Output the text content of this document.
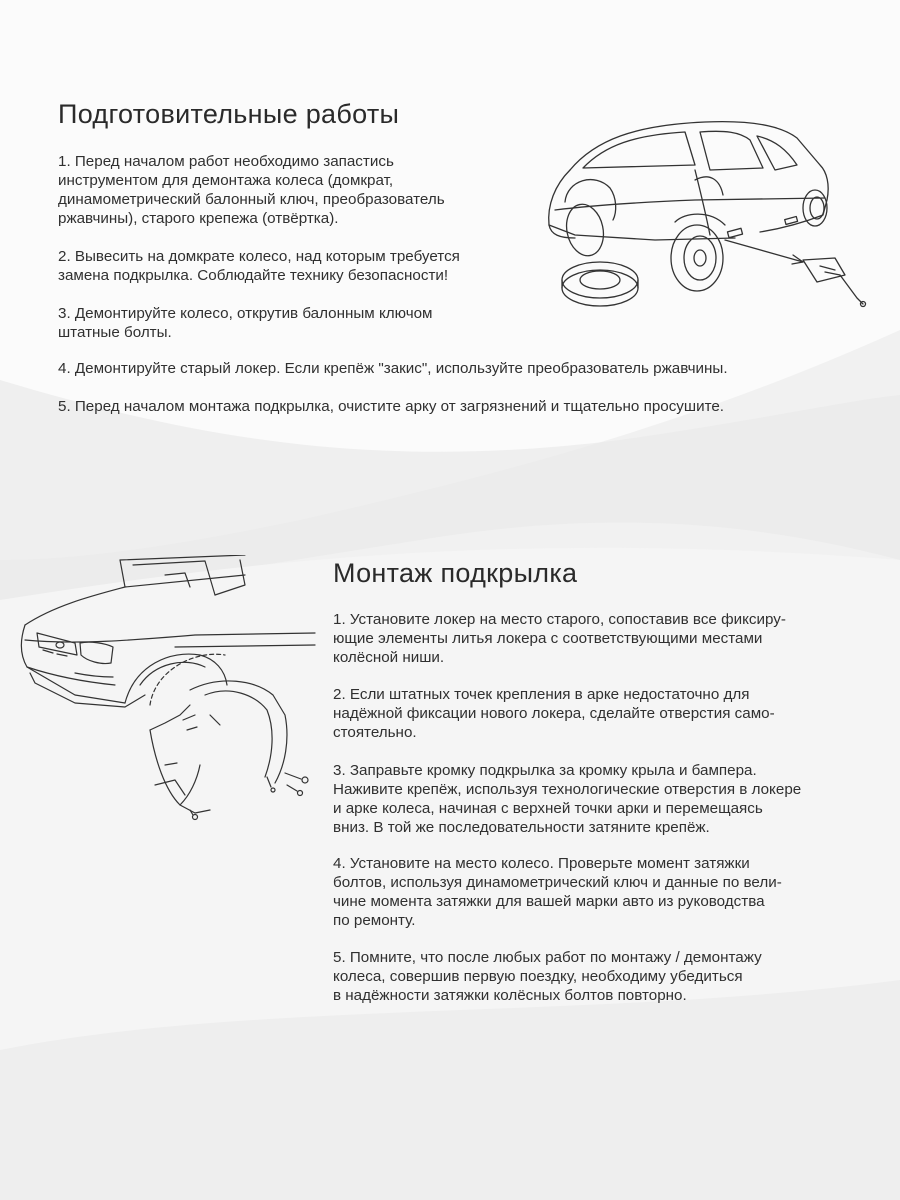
Подготовительные работы

1. Перед началом работ необходимо запастись
инструментом для демонтажа колеса (домкрат,
динамометрический балонный ключ, преобразователь
ржавчины), старого крепежа (отвёртка).

2. Вывесить на домкрате колесо, над которым требуется
замена подкрылка. Соблюдайте технику безопасности!

3. Демонтируйте колесо, открутив балонным ключом
штатные болты.

4. Демонтируйте старый локер. Если крепёж "закис", используйте преобразователь ржавчины.

5. Перед началом монтажа подкрылка, очистите арку от загрязнений и тщательно просушите.

Монтаж подкрылка

1. Установите локер на место старого, сопоставив все фиксиру-
ющие элементы литья локера с соответствующими местами
колёсной ниши.

2. Если штатных точек крепления в арке недостаточно для
надёжной фиксации нового локера, сделайте отверстия само-
стоятельно.

3. Заправьте кромку подкрылка за кромку крыла и бампера.
Наживите крепёж, используя технологические отверстия в локере
и арке колеса, начиная с верхней точки арки и перемещаясь
вниз. В той же последовательности затяните крепёж.

4. Установите на место колесо. Проверьте момент затяжки
болтов, используя динамометрический ключ и данные по вели-
чине момента затяжки для вашей марки авто из руководства
по ремонту.

5. Помните, что после любых работ по монтажу / демонтажу
колеса, совершив первую поездку, необходиму убедиться
в надёжности затяжки колёсных болтов повторно.
